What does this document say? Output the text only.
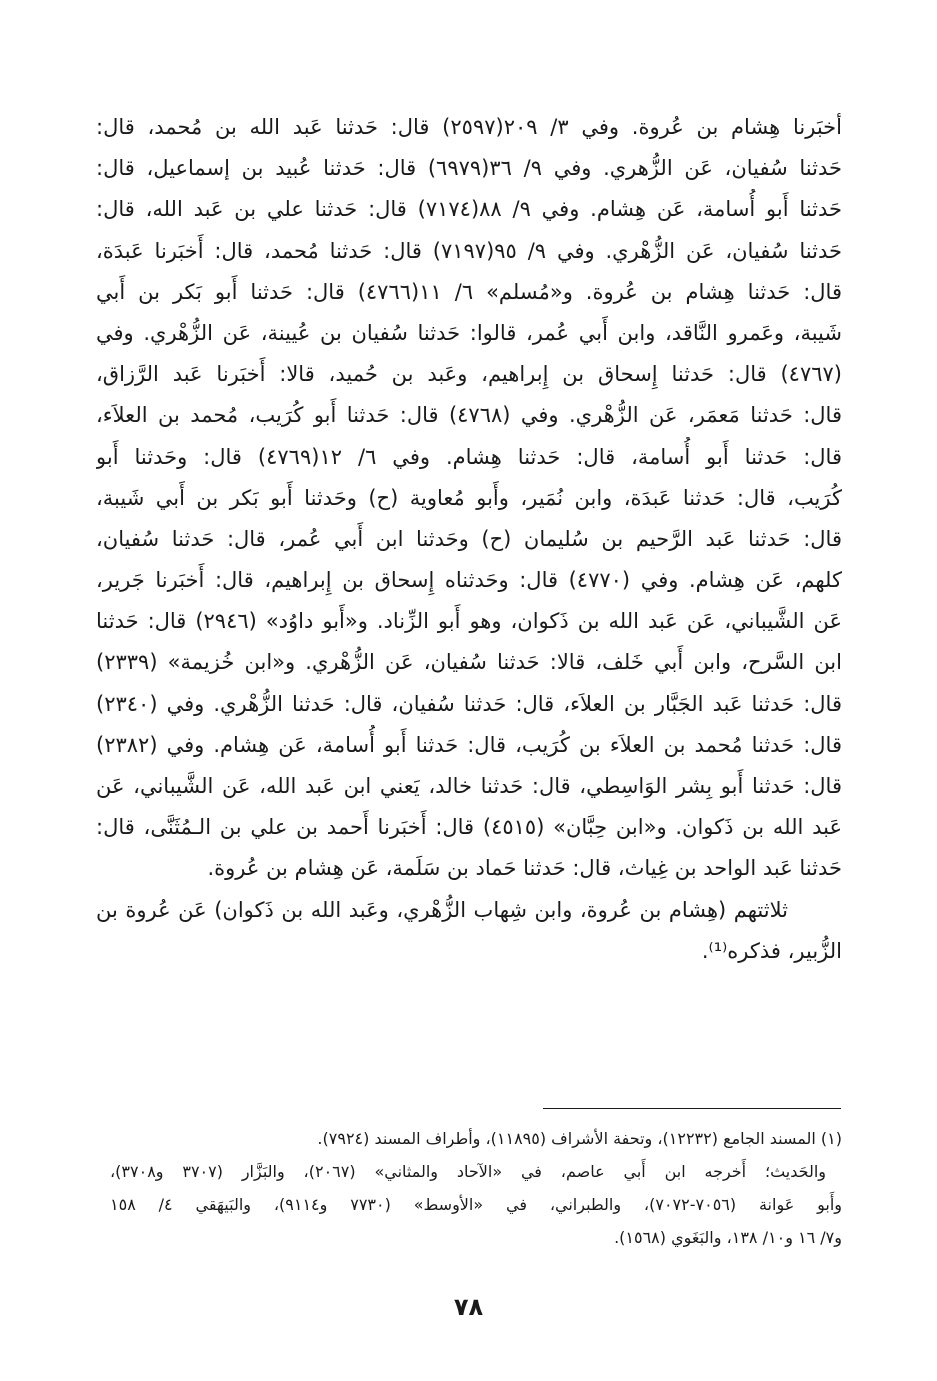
أخبَرنا هِشام بن عُروة. وفي ٣/ ٢٠٩(٢٥٩٧) قال: حَدثنا عَبد الله بن مُحمد، قال:
حَدثنا سُفيان، عَن الزُّهري. وفي ٩/ ٣٦(٦٩٧٩) قال: حَدثنا عُبيد بن إسماعيل، قال:
حَدثنا أَبو أُسامة، عَن هِشام. وفي ٩/ ٨٨(٧١٧٤) قال: حَدثنا علي بن عَبد الله، قال:
حَدثنا سُفيان، عَن الزُّهْري. وفي ٩/ ٩٥(٧١٩٧) قال: حَدثنا مُحمد، قال: أَخبَرنا عَبدَة،
قال: حَدثنا هِشام بن عُروة. و«مُسلم» ٦/ ١١(٤٧٦٦) قال: حَدثنا أَبو بَكر بن أَبي
شَيبة، وعَمرو النَّاقد، وابن أَبي عُمر، قالوا: حَدثنا سُفيان بن عُيينة، عَن الزُّهْري. وفي
(٤٧٦٧) قال: حَدثنا إِسحاق بن إِبراهيم، وعَبد بن حُميد، قالا: أَخبَرنا عَبد الرَّزاق،
قال: حَدثنا مَعمَر، عَن الزُّهْري. وفي (٤٧٦٨) قال: حَدثنا أَبو كُرَيب، مُحمد بن العلاَء،
قال: حَدثنا أَبو أُسامة، قال: حَدثنا هِشام. وفي ٦/ ١٢(٤٧٦٩) قال: وحَدثنا أَبو
كُرَيب، قال: حَدثنا عَبدَة، وابن نُمَير، وأَبو مُعاوية (ح) وحَدثنا أَبو بَكر بن أَبي شَيبة،
قال: حَدثنا عَبد الرَّحيم بن سُليمان (ح) وحَدثنا ابن أَبي عُمر، قال: حَدثنا سُفيان،
كلهم، عَن هِشام. وفي (٤٧٧٠) قال: وحَدثناه إِسحاق بن إِبراهيم، قال: أَخبَرنا جَرير،
عَن الشَّيباني، عَن عَبد الله بن ذَكوان، وهو أَبو الزِّناد. و«أَبو داوُد» (٢٩٤٦) قال: حَدثنا
ابن السَّرح، وابن أَبي خَلف، قالا: حَدثنا سُفيان، عَن الزُّهْري. و«ابن خُزيمة» (٢٣٣٩)
قال: حَدثنا عَبد الجَبَّار بن العلاَء، قال: حَدثنا سُفيان، قال: حَدثنا الزُّهْري. وفي (٢٣٤٠)
قال: حَدثنا مُحمد بن العلاَء بن كُرَيب، قال: حَدثنا أَبو أُسامة، عَن هِشام. وفي (٢٣٨٢)
قال: حَدثنا أَبو بِشر الوَاسِطي، قال: حَدثنا خالد، يَعني ابن عَبد الله، عَن الشَّيباني، عَن
عَبد الله بن ذَكوان. و«ابن حِبَّان» (٤٥١٥) قال: أَخبَرنا أَحمد بن علي بن الـمُثَنَّى، قال:
حَدثنا عَبد الواحد بن غِياث، قال: حَدثنا حَماد بن سَلَمة، عَن هِشام بن عُروة.
ثلاثتهم (هِشام بن عُروة، وابن شِهاب الزُّهْري، وعَبد الله بن ذَكوان) عَن عُروة بن
الزُّبير، فذكره⁽¹⁾.
(١) المسند الجامع (١٢٢٣٢)، وتحفة الأشراف (١١٨٩٥)، وأطراف المسند (٧٩٢٤).
والحَديث؛ أَخرجه ابن أَبي عاصم، في «الآحاد والمثاني» (٢٠٦٧)، والبَزَّار (٣٧٠٧ و٣٧٠٨)،
وأَبو عَوانة (٧٠٥٦-٧٠٧٢)، والطبراني، في «الأوسط» (٧٧٣٠ و٩١١٤)، والبَيهَقي ٤/ ١٥٨
و٧/ ١٦ و١٠/ ١٣٨، والبَغَوي (١٥٦٨).
٧٨
